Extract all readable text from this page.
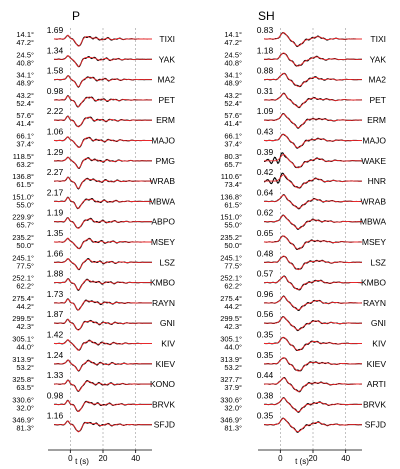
P
0	20	40
14.1°
47.2°
1.69
TIXI
24.5°
40.8°
1.34
YAK
34.1°
48.9°
1.58
MA2
43.2°
52.4°
0.98
PET
57.6°
41.4°
2.22
ERM
66.1°
37.4°
1.06
MAJO
118.5°
63.2°
1.29
PMG
136.8°
61.5°
2.27
WRAB
151.0°
55.0°
2.17
MBWA
229.9°
65.7°
1.19
ABPO
235.2°
50.0°
1.35
MSEY
245.1°
77.5°
1.66
LSZ
252.1°
62.2°
1.88
KMBO
275.4°
44.2°
1.73
RAYN
299.5°
42.3°
1.87
GNI
305.1°
44.0°
1.42
KIV
313.9°
53.2°
1.24
KIEV
325.8°
63.5°
1.33
KONO
330.6°
32.0°
0.98
BRVK
346.9°
81.3°
1.16
SFJD
SH
0	20	40
14.1°
47.2°
0.83
TIXI
24.5°
40.8°
1.18
YAK
34.1°
48.9°
0.88
MA2
43.2°
52.4°
0.31
PET
57.6°
41.4°
1.09
ERM
66.1°
37.4°
0.43
MAJO
80.3°
65.7°
0.39
WAKE
110.6°
73.4°
0.42
HNR
136.8°
61.5°
0.64
WRAB
151.0°
55.0°
0.62
MBWA
235.2°
50.0°
0.65
MSEY
245.1°
77.5°
0.48
LSZ
252.1°
62.2°
0.57
KMBO
275.4°
44.2°
0.96
RAYN
299.5°
42.3°
0.56
GNI
305.1°
44.0°
0.35
KIV
313.9°
53.2°
0.35
KIEV
327.7°
37.9°
0.44
ARTI
330.6°
32.0°
0.38
BRVK
346.9°
81.3°
0.35
SFJD
t (s)	t (s)
